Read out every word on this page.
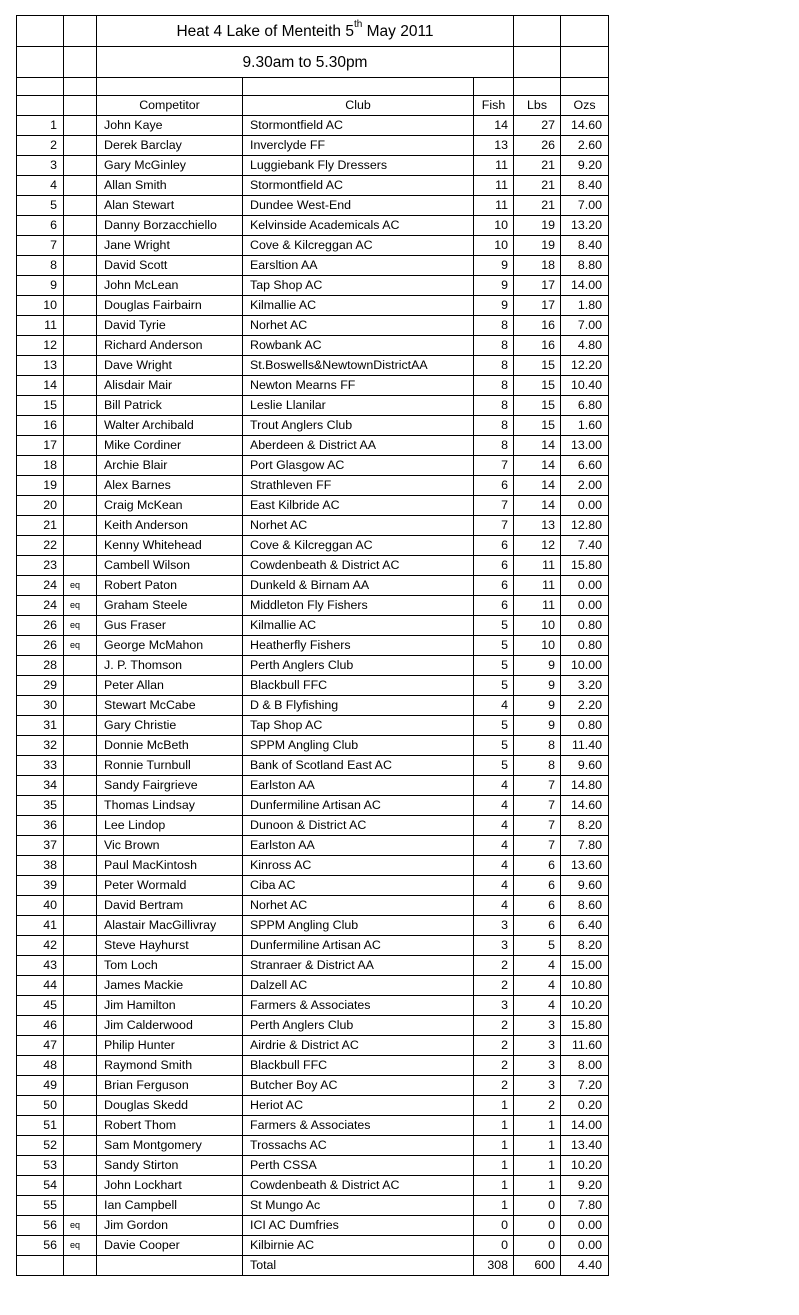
		Heat 4 Lake of Menteith 5th May 2011				
		9.30am to 5.30pm				

		Competitor	Club	Fish	Lbs	Ozs
1		John Kaye	Stormontfield AC	14	27	14.60
2		Derek Barclay	Inverclyde FF	13	26	2.60
3		Gary McGinley	Luggiebank Fly Dressers	11	21	9.20
4		Allan Smith	Stormontfield AC	11	21	8.40
5		Alan Stewart	Dundee West-End	11	21	7.00
6		Danny Borzacchiello	Kelvinside Academicals AC	10	19	13.20
7		Jane Wright	Cove & Kilcreggan AC	10	19	8.40
8		David Scott	Earsltion AA	9	18	8.80
9		John McLean	Tap Shop AC	9	17	14.00
10		Douglas Fairbairn	Kilmallie AC	9	17	1.80
11		David Tyrie	Norhet AC	8	16	7.00
12		Richard Anderson	Rowbank AC	8	16	4.80
13		Dave Wright	St.Boswells&NewtownDistrictAA	8	15	12.20
14		Alisdair Mair	Newton Mearns FF	8	15	10.40
15		Bill Patrick	Leslie Llanilar	8	15	6.80
16		Walter Archibald	Trout Anglers Club	8	15	1.60
17		Mike Cordiner	Aberdeen & District AA	8	14	13.00
18		Archie Blair	Port Glasgow AC	7	14	6.60
19		Alex Barnes	Strathleven FF	6	14	2.00
20		Craig McKean	East Kilbride AC	7	14	0.00
21		Keith Anderson	Norhet AC	7	13	12.80
22		Kenny Whitehead	Cove & Kilcreggan AC	6	12	7.40
23		Cambell Wilson	Cowdenbeath & District AC	6	11	15.80
24	eq	Robert Paton	Dunkeld & Birnam AA	6	11	0.00
24	eq	Graham Steele	Middleton Fly Fishers	6	11	0.00
26	eq	Gus Fraser	Kilmallie AC	5	10	0.80
26	eq	George McMahon	Heatherfly Fishers	5	10	0.80
28		J. P. Thomson	Perth Anglers Club	5	9	10.00
29		Peter Allan	Blackbull FFC	5	9	3.20
30		Stewart McCabe	D & B Flyfishing	4	9	2.20
31		Gary Christie	Tap Shop AC	5	9	0.80
32		Donnie McBeth	SPPM Angling Club	5	8	11.40
33		Ronnie Turnbull	Bank of Scotland East AC	5	8	9.60
34		Sandy Fairgrieve	Earlston AA	4	7	14.80
35		Thomas Lindsay	Dunfermiline Artisan AC	4	7	14.60
36		Lee Lindop	Dunoon & District AC	4	7	8.20
37		Vic Brown	Earlston AA	4	7	7.80
38		Paul MacKintosh	Kinross AC	4	6	13.60
39		Peter Wormald	Ciba AC	4	6	9.60
40		David Bertram	Norhet AC	4	6	8.60
41		Alastair MacGillivray	SPPM Angling Club	3	6	6.40
42		Steve Hayhurst	Dunfermiline Artisan AC	3	5	8.20
43		Tom Loch	Stranraer & District AA	2	4	15.00
44		James Mackie	Dalzell AC	2	4	10.80
45		Jim Hamilton	Farmers & Associates	3	4	10.20
46		Jim Calderwood	Perth Anglers Club	2	3	15.80
47		Philip Hunter	Airdrie & District AC	2	3	11.60
48		Raymond Smith	Blackbull FFC	2	3	8.00
49		Brian Ferguson	Butcher Boy AC	2	3	7.20
50		Douglas Skedd	Heriot AC	1	2	0.20
51		Robert Thom	Farmers & Associates	1	1	14.00
52		Sam Montgomery	Trossachs AC	1	1	13.40
53		Sandy Stirton	Perth CSSA	1	1	10.20
54		John Lockhart	Cowdenbeath & District AC	1	1	9.20
55		Ian Campbell	St Mungo Ac	1	0	7.80
56	eq	Jim Gordon	ICI AC Dumfries	0	0	0.00
56	eq	Davie Cooper	Kilbirnie AC	0	0	0.00
			Total	308	600	4.40
